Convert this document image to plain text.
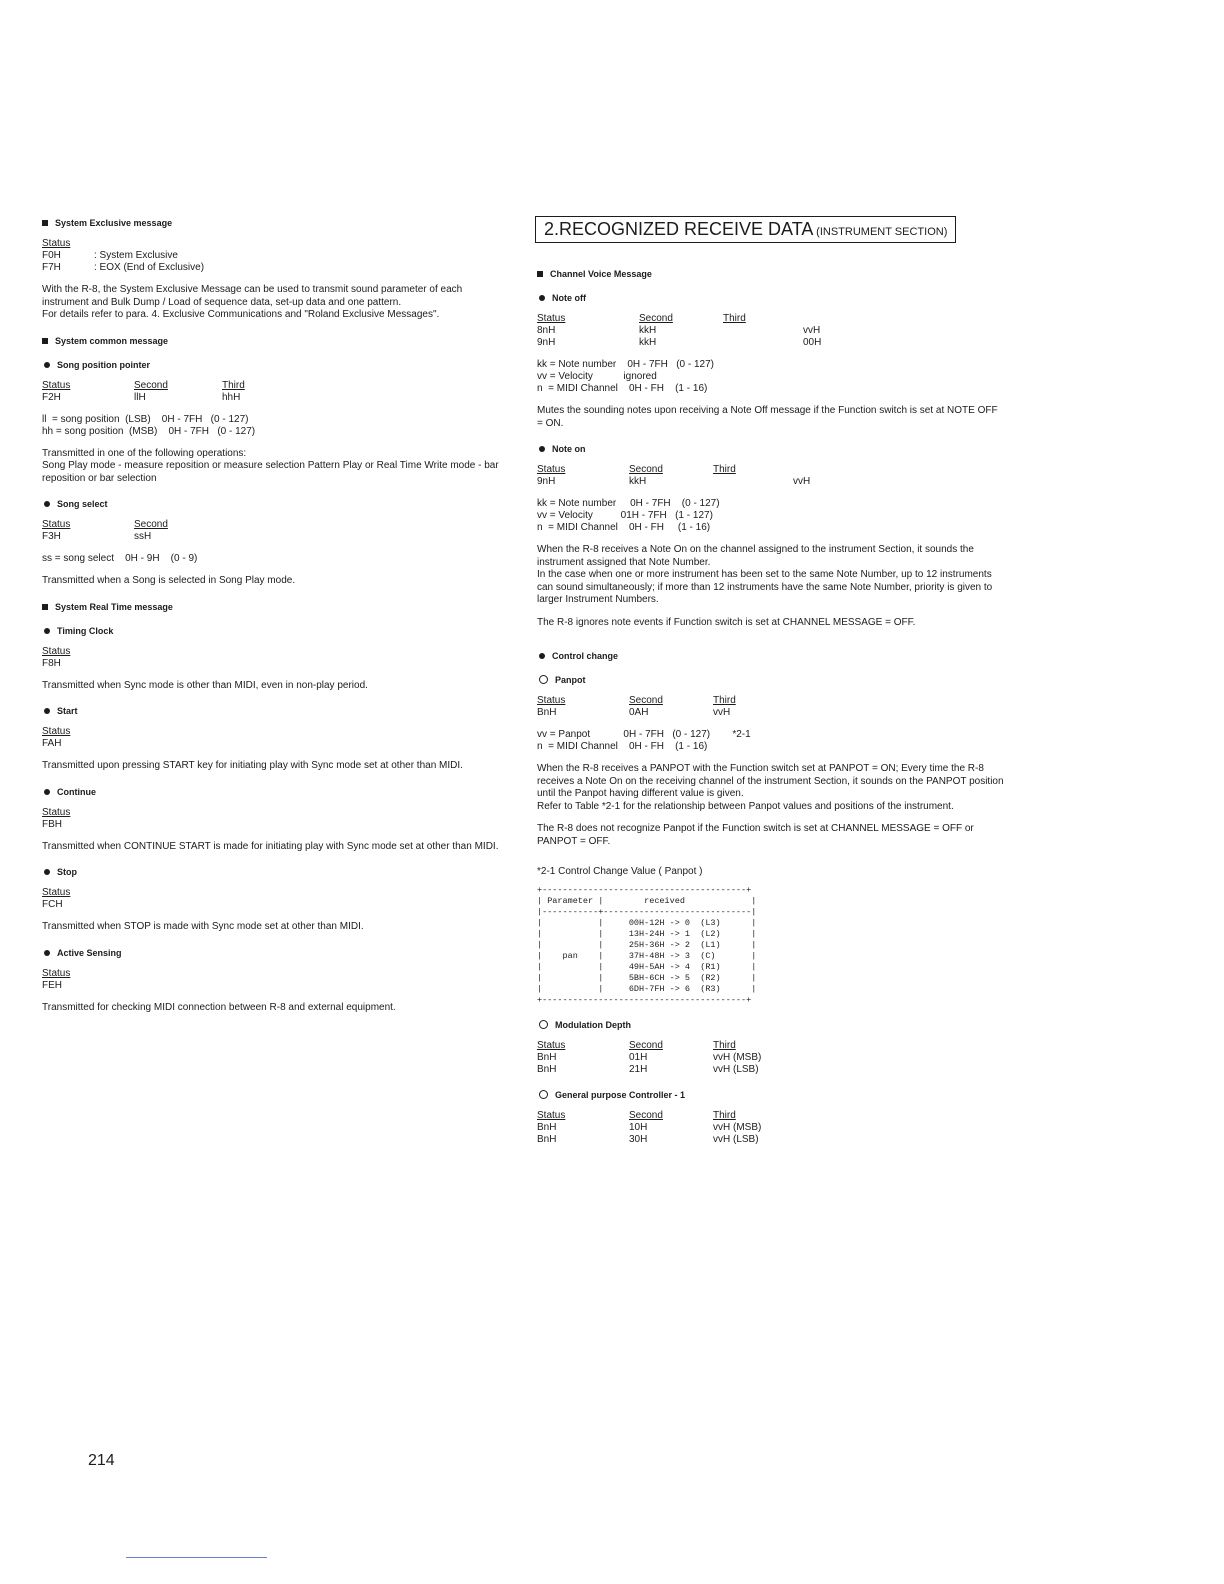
System Exclusive message
Status	
F0H	: System Exclusive
F7H	: EOX (End of Exclusive)
With the R-8, the System Exclusive Message can be used to transmit sound parameter of each instrument and Bulk Dump / Load of sequence data, set-up data and one pattern.
For details refer to para. 4. Exclusive Communications and "Roland Exclusive Messages".
System common message
Song position pointer
Status	Second	Third
F2H	llH	hhH
ll  = song position  (LSB)    0H - 7FH   (0 - 127)
hh = song position  (MSB)    0H - 7FH   (0 - 127)
Transmitted in one of the following operations:
Song Play mode - measure reposition or measure selection Pattern Play or Real Time Write mode - bar reposition or bar selection
Song select
Status	Second
F3H	ssH
ss = song select    0H - 9H    (0 - 9)
Transmitted when a Song is selected in Song Play mode.
System Real Time message
Timing Clock
Status
F8H
Transmitted when Sync mode is other than MIDI, even in non-play period.
Start
Status
FAH
Transmitted upon pressing START key for initiating play with Sync mode set at other than MIDI.
Continue
Status
FBH
Transmitted when CONTINUE START is made for initiating play with Sync mode set at other than MIDI.
Stop
Status
FCH
Transmitted when STOP is made with Sync mode set at other than MIDI.
Active Sensing
Status
FEH
Transmitted for checking MIDI connection between R-8 and external equipment.
2.RECOGNIZED RECEIVE DATA (INSTRUMENT SECTION)
Channel Voice Message
Note off
Status	Second	Third
8nH	kkH	vvH
9nH	kkH	00H
kk = Note number    0H - 7FH   (0 - 127)
vv = Velocity           ignored
n  = MIDI Channel    0H - FH    (1 - 16)
Mutes the sounding notes upon receiving a Note Off message if the Function switch is set at NOTE OFF = ON.
Note on
Status	Second	Third
9nH	kkH	vvH
kk = Note number     0H - 7FH    (0 - 127)
vv = Velocity          01H - 7FH   (1 - 127)
n  = MIDI Channel    0H - FH     (1 - 16)
When the R-8 receives a Note On on the channel assigned to the instrument Section, it sounds the instrument assigned that Note Number.
In the case when one or more instrument has been set to the same Note Number, up to 12 instruments can sound simultaneously; if more than 12 instruments have the same Note Number, priority is given to larger Instrument Numbers.
The R-8 ignores note events if Function switch is set at CHANNEL MESSAGE = OFF.
Control change
Panpot
Status	Second	Third
BnH	0AH	vvH
vv = Panpot            0H - 7FH   (0 - 127)        *2-1
n  = MIDI Channel    0H - FH    (1 - 16)
When the R-8 receives a PANPOT with the Function switch set at PANPOT = ON; Every time the R-8 receives a Note On on the receiving channel of the instrument Section, it sounds on the PANPOT position until the Panpot having different value is given.
Refer to Table *2-1 for the relationship between Panpot values and positions of the instrument.
The R-8 does not recognize Panpot if the Function switch is set at CHANNEL MESSAGE = OFF or PANPOT = OFF.
*2-1 Control Change Value ( Panpot )
+----------------------------------------+
| Parameter |        received             |
|-----------+-----------------------------|
|           |     00H-12H -> 0  (L3)      |
|           |     13H-24H -> 1  (L2)      |
|           |     25H-36H -> 2  (L1)      |
|    pan    |     37H-48H -> 3  (C)       |
|           |     49H-5AH -> 4  (R1)      |
|           |     5BH-6CH -> 5  (R2)      |
|           |     6DH-7FH -> 6  (R3)      |
+----------------------------------------+
Modulation Depth
Status	Second	Third
BnH	01H	vvH (MSB)
BnH	21H	vvH (LSB)
General purpose Controller - 1
Status	Second	Third
BnH	10H	vvH (MSB)
BnH	30H	vvH (LSB)
214
